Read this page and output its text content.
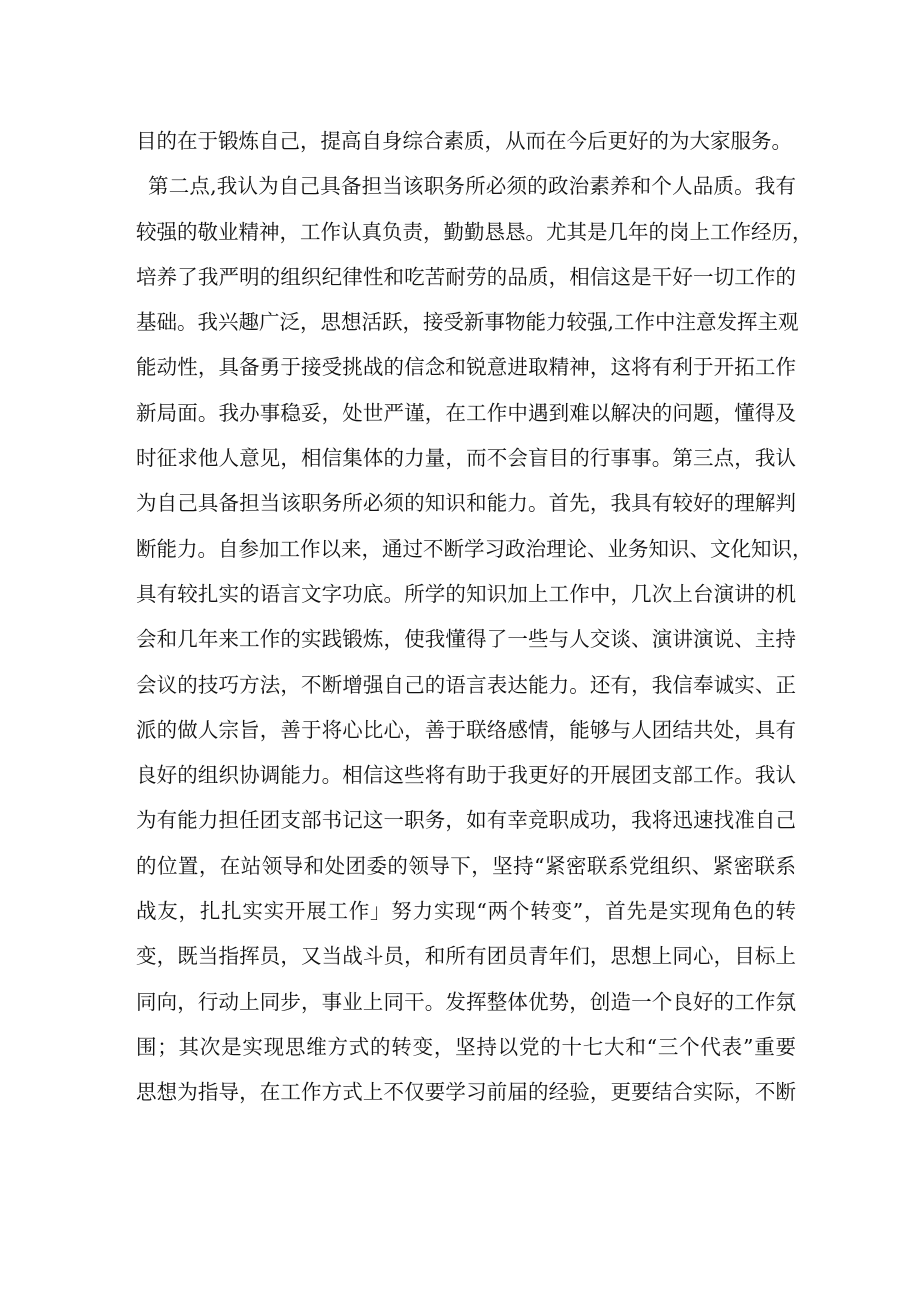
目的在于锻炼自己，提高自身综合素质，从而在今后更好的为大家服务。
第二点,我认为自己具备担当该职务所必须的政治素养和个人品质。我有
较强的敬业精神，工作认真负责，勤勤恳恳。尤其是几年的岗上工作经历，
培养了我严明的组织纪律性和吃苦耐劳的品质，相信这是干好一切工作的
基础。我兴趣广泛，思想活跃，接受新事物能力较强,工作中注意发挥主观
能动性，具备勇于接受挑战的信念和锐意进取精神，这将有利于开拓工作
新局面。我办事稳妥，处世严谨，在工作中遇到难以解决的问题，懂得及
时征求他人意见，相信集体的力量，而不会盲目的行事事。第三点，我认
为自己具备担当该职务所必须的知识和能力。首先，我具有较好的理解判
断能力。自参加工作以来，通过不断学习政治理论、业务知识、文化知识，
具有较扎实的语言文字功底。所学的知识加上工作中，几次上台演讲的机
会和几年来工作的实践锻炼，使我懂得了一些与人交谈、演讲演说、主持
会议的技巧方法，不断增强自己的语言表达能力。还有，我信奉诚实、正
派的做人宗旨，善于将心比心，善于联络感情，能够与人团结共处，具有
良好的组织协调能力。相信这些将有助于我更好的开展团支部工作。我认
为有能力担任团支部书记这一职务，如有幸竞职成功，我将迅速找准自己
的位置，在站领导和处团委的领导下，坚持“紧密联系党组织、紧密联系
战友，扎扎实实开展工作」努力实现“两个转变”，首先是实现角色的转
变，既当指挥员，又当战斗员，和所有团员青年们，思想上同心，目标上
同向，行动上同步，事业上同干。发挥整体优势，创造一个良好的工作氛
围；其次是实现思维方式的转变，坚持以党的十七大和“三个代表”重要
思想为指导，在工作方式上不仅要学习前届的经验，更要结合实际，不断
